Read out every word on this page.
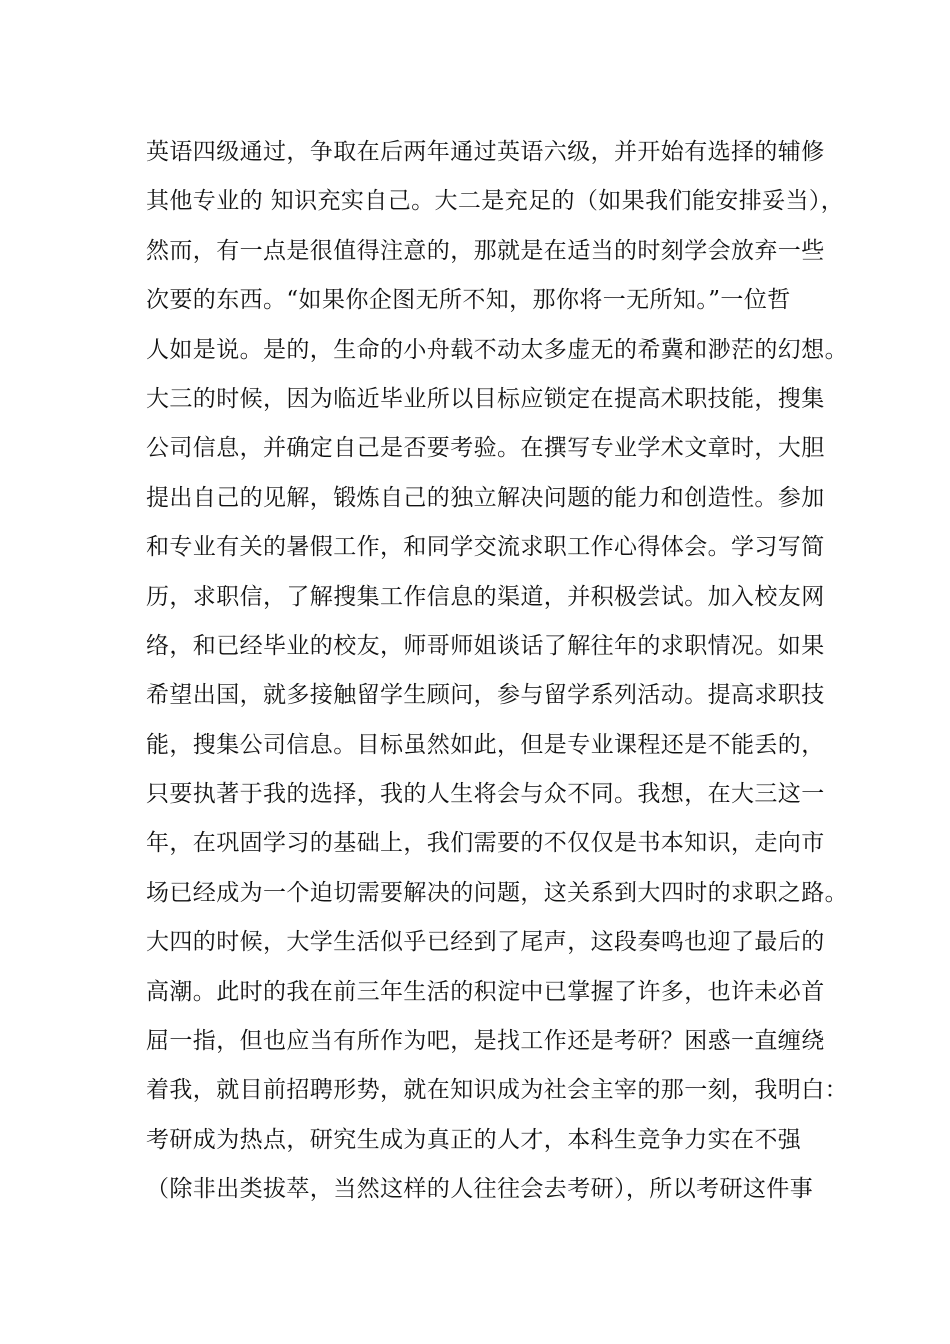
英语四级通过，争取在后两年通过英语六级，并开始有选择的辅修
其他专业的 知识充实自己。大二是充足的（如果我们能安排妥当），
然而，有一点是很值得注意的，那就是在适当的时刻学会放弃一些
次要的东西。“如果你企图无所不知，那你将一无所知。”一位哲
人如是说。是的，生命的小舟载不动太多虚无的希冀和渺茫的幻想。
大三的时候，因为临近毕业所以目标应锁定在提高术职技能，搜集
公司信息，并确定自己是否要考验。在撰写专业学术文章时，大胆
提出自己的见解，锻炼自己的独立解决问题的能力和创造性。参加
和专业有关的暑假工作，和同学交流求职工作心得体会。学习写简
历，求职信，了解搜集工作信息的渠道，并积极尝试。加入校友网
络，和已经毕业的校友，师哥师姐谈话了解往年的求职情况。如果
希望出国，就多接触留学生顾问，参与留学系列活动。提高求职技
能，搜集公司信息。目标虽然如此，但是专业课程还是不能丢的，
只要执著于我的选择，我的人生将会与众不同。我想，在大三这一
年，在巩固学习的基础上，我们需要的不仅仅是书本知识，走向市
场已经成为一个迫切需要解决的问题，这关系到大四时的求职之路。
大四的时候，大学生活似乎已经到了尾声，这段奏鸣也迎了最后的
高潮。此时的我在前三年生活的积淀中已掌握了许多，也许未必首
屈一指，但也应当有所作为吧，是找工作还是考研？困惑一直缠绕
着我，就目前招聘形势，就在知识成为社会主宰的那一刻，我明白：
考研成为热点，研究生成为真正的人才，本科生竞争力实在不强
（除非出类拔萃，当然这样的人往往会去考研），所以考研这件事
